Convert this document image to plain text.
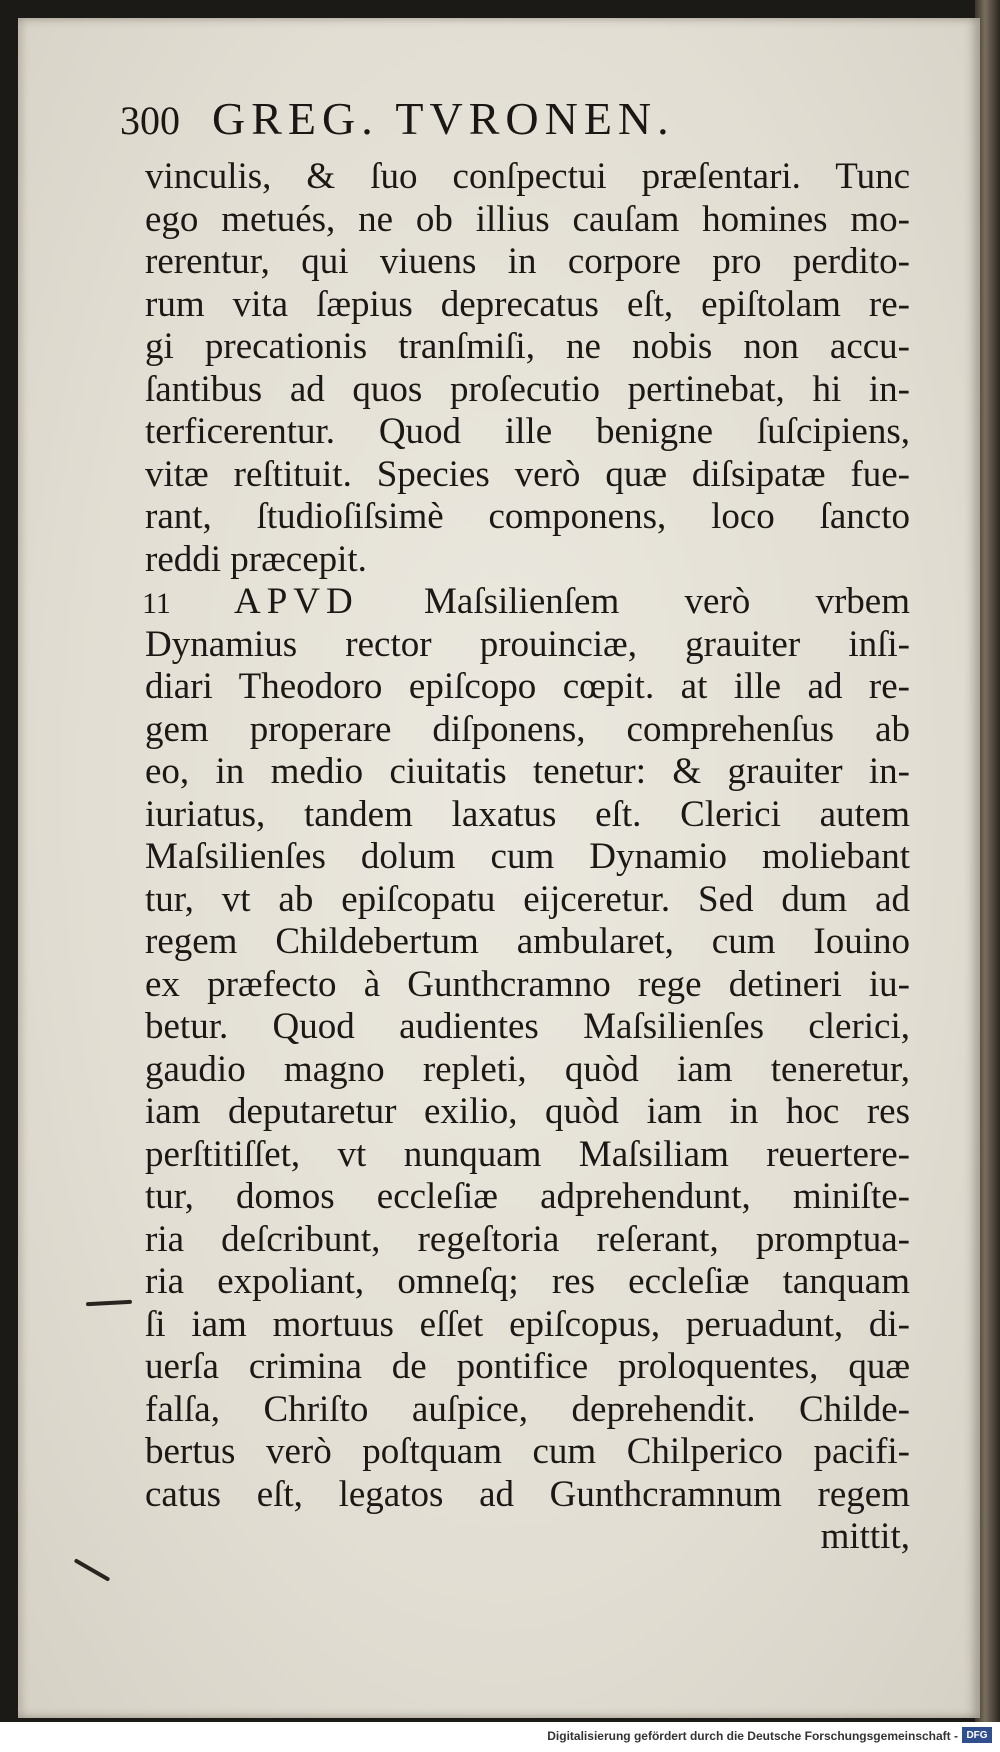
300 GREG. TVRONEN.
vinculis, & ſuo conſpectui præſentari. Tunc
ego metués, ne ob illius cauſam homines mo-
rerentur, qui viuens in corpore pro perdito-
rum vita ſæpius deprecatus eſt, epiſtolam re-
gi precationis tranſmiſi, ne nobis non accu-
ſantibus ad quos proſecutio pertinebat, hi in-
terficerentur. Quod ille benigne ſuſcipiens,
vitæ reſtituit. Species verò quæ diſsipatæ fue-
rant, ſtudioſiſsimè componens, loco ſancto
reddi præcepit.
11 APVD Maſsilienſem verò vrbem
Dynamius rector prouinciæ, grauiter inſi-
diari Theodoro epiſcopo cœpit. at ille ad re-
gem properare diſponens, comprehenſus ab
eo, in medio ciuitatis tenetur: & grauiter in-
iuriatus, tandem laxatus eſt. Clerici autem
Maſsilienſes dolum cum Dynamio moliebant
tur, vt ab epiſcopatu eijceretur. Sed dum ad
regem Childebertum ambularet, cum Iouino
ex præfecto à Gunthcramno rege detineri iu-
betur. Quod audientes Maſsilienſes clerici,
gaudio magno repleti, quòd iam teneretur,
iam deputaretur exilio, quòd iam in hoc res
perſtitiſſet, vt nunquam Maſsiliam reuertere-
tur, domos eccleſiæ adprehendunt, miniſte-
ria deſcribunt, regeſtoria reſerant, promptua-
ria expoliant, omneſq; res eccleſiæ tanquam
ſi iam mortuus eſſet epiſcopus, peruadunt, di-
uerſa crimina de pontifice proloquentes, quæ
falſa, Chriſto auſpice, deprehendit. Childe-
bertus verò poſtquam cum Chilperico pacifi-
catus eſt, legatos ad Gunthcramnum regem
mittit,
Digitalisierung gefördert durch die Deutsche Forschungsgemeinschaft - DFG
